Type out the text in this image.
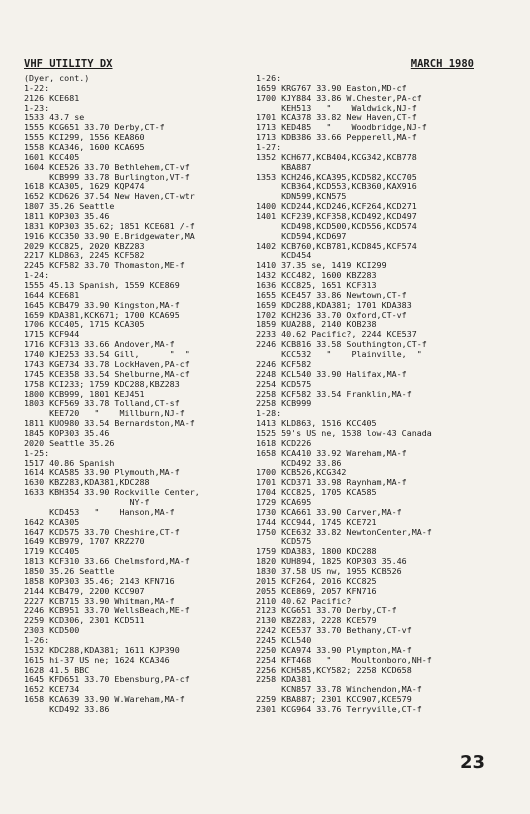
VHF UTILITY DX	MARCH 1980
(Dyer, cont.)
1-22:
2126 KCE681
1-23:
1533 43.7 se
1555 KCG651 33.70 Derby,CT-f
1555 KCI299, 1556 KEA860
1558 KCA346, 1600 KCA695
1601 KCC405
1604 KCE526 33.70 Bethlehem,CT-vf
KCB999 33.78 Burlington,VT-f
1618 KCA305, 1629 KQP474
1652 KCD626 37.54 New Haven,CT-wtr
1807 35.26 Seattle
1811 KOP303 35.46
1831 KOP303 35.62; 1851 KCE681 /-f
1916 KCC350 33.90 E.Bridgewater,MA
2029 KCC825, 2020 KBZ283
2217 KLD863, 2245 KCF582
2245 KCF582 33.70 Thomaston,ME-f
1-24:
1555 45.13 Spanish, 1559 KCE869
1644 KCE681
1645 KCB479 33.90 Kingston,MA-f
1659 KDA381,KCK671; 1700 KCA695
1706 KCC405, 1715 KCA305
1715 KCF944
1716 KCF313 33.66 Andover,MA-f
1740 KJE253 33.54 Gill,      "  "
1743 KGE734 33.78 LockHaven,PA-cf
1745 KCE358 33.54 Shelburne,MA-cf
1758 KCI233; 1759 KDC288,KBZ283
1800 KCB999, 1801 KEJ451
1803 KCF569 33.78 Tolland,CT-sf
KEE720   "    Millburn,NJ-f
1811 KUO980 33.54 Bernardston,MA-f
1845 KOP303 35.46
2020 Seattle 35.26
1-25:
1517 40.86 Spanish
1614 KCA585 33.90 Plymouth,MA-f
1630 KBZ283,KDA381,KDC288
1633 KBH354 33.90 Rockville Center,
NY-f
KCD453   "    Hanson,MA-f
1642 KCA305
1647 KCD575 33.70 Cheshire,CT-f
1649 KCB979, 1707 KRZ270
1719 KCC405
1813 KCF310 33.66 Chelmsford,MA-f
1850 35.26 Seattle
1858 KOP303 35.46; 2143 KFN716
2144 KCB479, 2200 KCC907
2227 KCB715 33.90 Whitman,MA-f
2246 KCB951 33.70 WellsBeach,ME-f
2259 KCD306, 2301 KCD511
2303 KCD500
1-26:
1532 KDC288,KDA381; 1611 KJP390
1615 hi-37 US ne; 1624 KCA346
1628 41.5 BBC
1645 KFD651 33.70 Ebensburg,PA-cf
1652 KCE734
1658 KCA639 33.90 W.Wareham,MA-f
KCD492 33.86
1-26:
1659 KRG767 33.90 Easton,MD-cf
1700 KJY884 33.86 W.Chester,PA-cf
KEH513   "    Waldwick,NJ-f
1701 KCA378 33.82 New Haven,CT-f
1713 KED485   "    Woodbridge,NJ-f
1713 KDB386 33.66 Pepperell,MA-f
1-27:
1352 KCH677,KCB404,KCG342,KCB778
KBA887
1353 KCH246,KCA395,KCD582,KCC705
KCB364,KCD553,KCB360,KAX916
KDN599,KCN575
1400 KCD244,KCD246,KCF264,KCD271
1401 KCF239,KCF358,KCD492,KCD497
KCD498,KCD500,KCD556,KCD574
KCD594,KCD697
1402 KCB760,KCB781,KCD845,KCF574
KCD454
1410 37.35 se, 1419 KCI299
1432 KCC482, 1600 KBZ283
1636 KCC825, 1651 KCF313
1655 KCE457 33.86 Newtown,CT-f
1659 KDC288,KDA381; 1701 KDA383
1702 KCH236 33.70 Oxford,CT-vf
1859 KUA288, 2140 KOB238
2233 40.62 Pacific?, 2244 KCE537
2246 KCB816 33.58 Southington,CT-f
KCC532   "    Plainville,  "
2246 KCF582
2248 KCL540 33.90 Halifax,MA-f
2254 KCD575
2258 KCF582 33.54 Franklin,MA-f
2258 KCB999
1-28:
1413 KLD863, 1516 KCC405
1525 59's US ne, 1538 low-43 Canada
1618 KCD226
1658 KCA410 33.92 Wareham,MA-f
KCD492 33.86
1700 KCB526,KCG342
1701 KCD371 33.98 Raynham,MA-f
1704 KCC825, 1705 KCA585
1729 KCA695
1730 KCA661 33.90 Carver,MA-f
1744 KCC944, 1745 KCE721
1750 KCE632 33.82 NewtonCenter,MA-f
KCD575
1759 KDA383, 1800 KDC288
1820 KUH894, 1825 KOP303 35.46
1830 37.58 US nw, 1955 KCB526
2015 KCF264, 2016 KCC825
2055 KCE869, 2057 KFN716
2110 40.62 Pacific?
2123 KCG651 33.70 Derby,CT-f
2130 KBZ283, 2228 KCE579
2242 KCE537 33.70 Bethany,CT-vf
2245 KCL540
2250 KCA974 33.90 Plympton,MA-f
2254 KFT468   "    Moultonboro,NH-f
2256 KCH585,KCY582; 2258 KCD658
2258 KDA381
KCN857 33.78 Winchendon,MA-f
2259 KBA887; 2301 KCC907,KCE579
2301 KCG964 33.76 Terryville,CT-f
23
